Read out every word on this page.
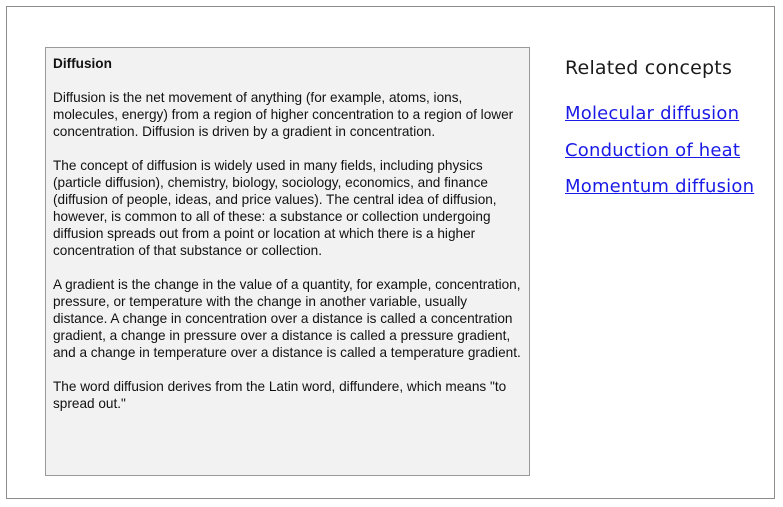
Diffusion

Diffusion is the net movement of anything (for example, atoms, ions, molecules, energy) from a region of higher concentration to a region of lower concentration. Diffusion is driven by a gradient in concentration.

The concept of diffusion is widely used in many fields, including physics (particle diffusion), chemistry, biology, sociology, economics, and finance (diffusion of people, ideas, and price values). The central idea of diffusion, however, is common to all of these: a substance or collection undergoing diffusion spreads out from a point or location at which there is a higher concentration of that substance or collection.

A gradient is the change in the value of a quantity, for example, concentration, pressure, or temperature with the change in another variable, usually distance. A change in concentration over a distance is called a concentration gradient, a change in pressure over a distance is called a pressure gradient, and a change in temperature over a distance is called a temperature gradient.

The word diffusion derives from the Latin word, diffundere, which means "to spread out."

Related concepts
Molecular diffusion
Conduction of heat
Momentum diffusion
